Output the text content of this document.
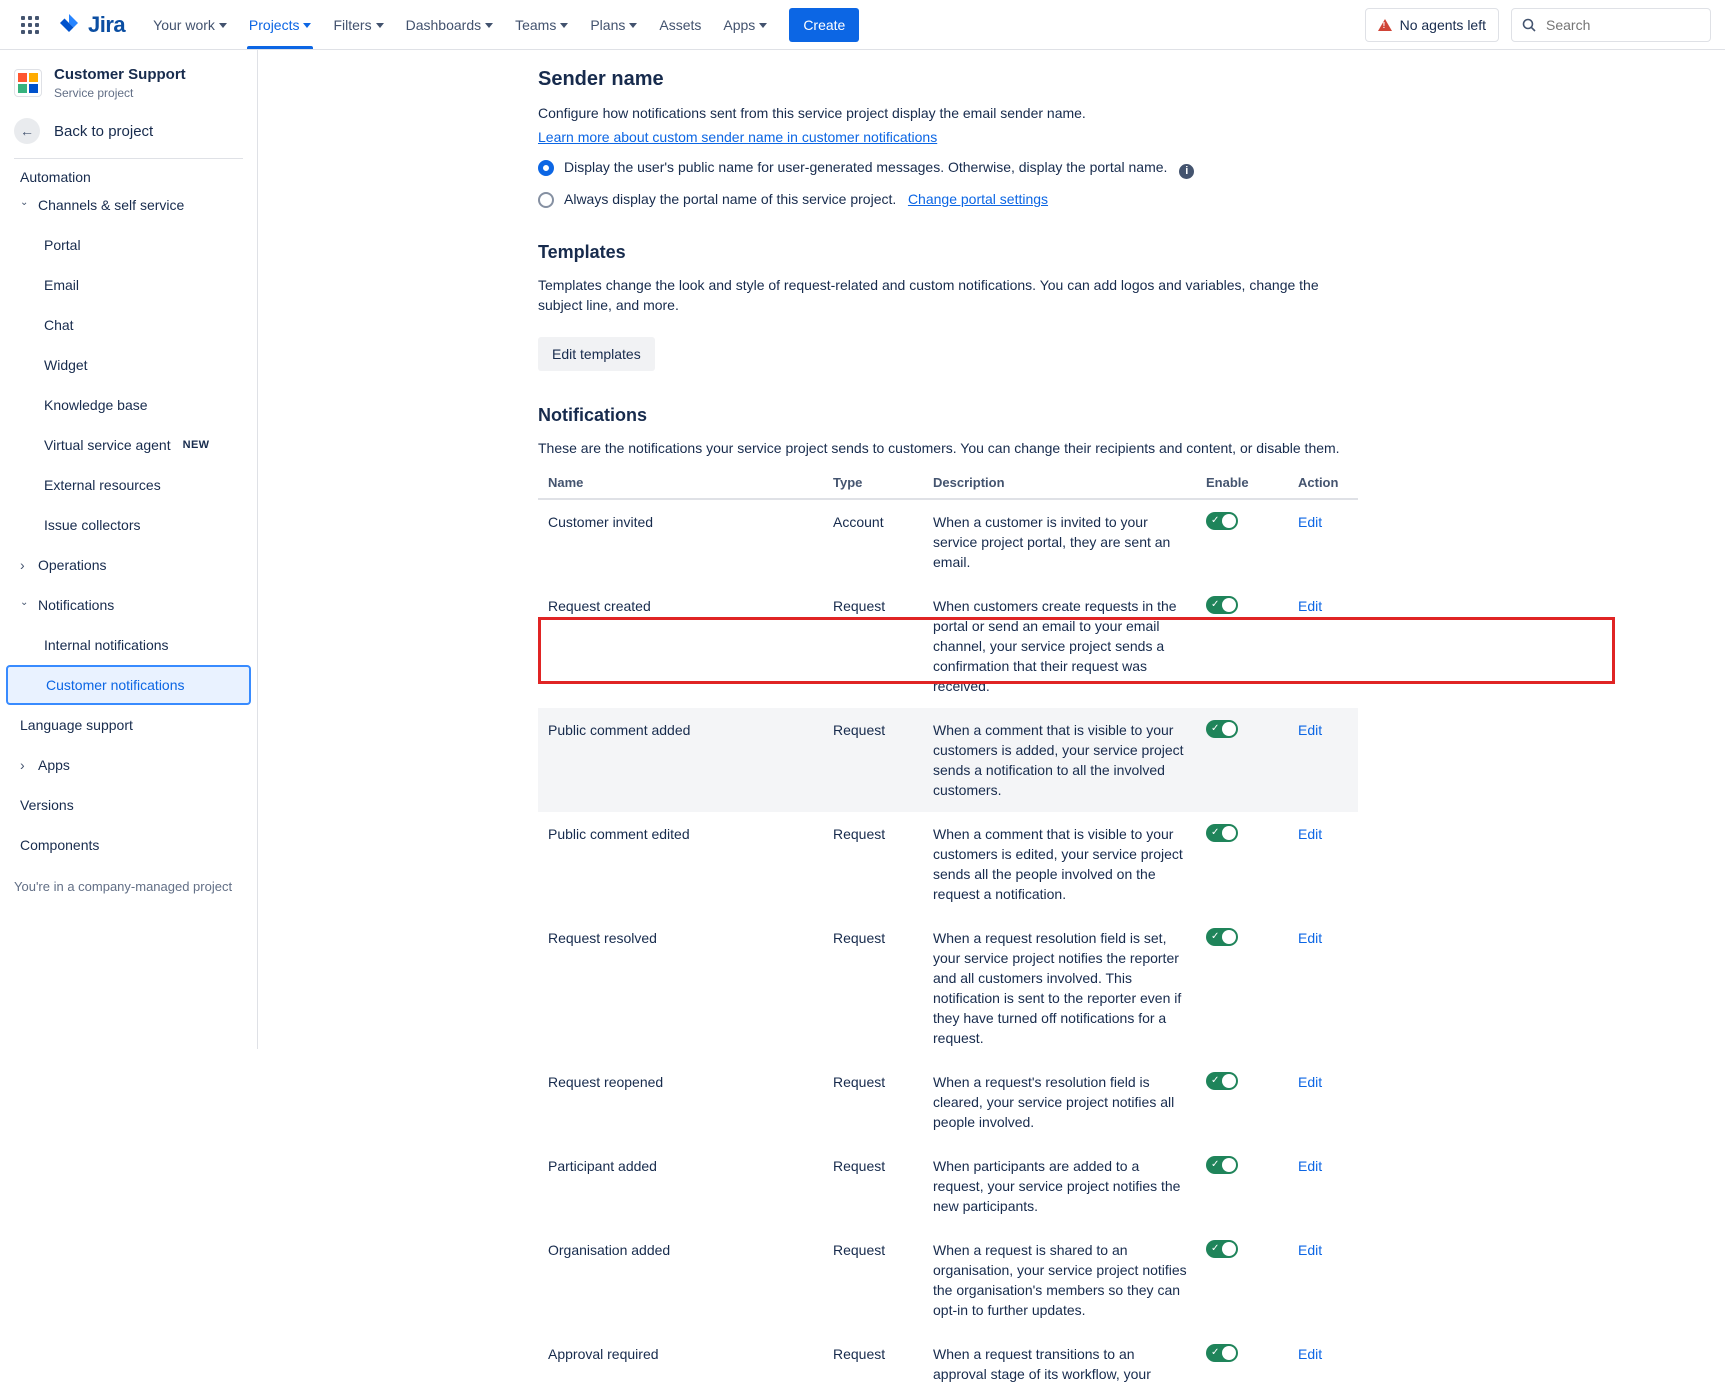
Jira Your work Projects Filters Dashboards Teams Plans Assets Apps	Create !	No agents left
Search
Customer Support
Service project
←	Back to project
Automation
⌄
Channels & self service
Portal
Email
Chat
Widget
Knowledge base
Virtual service agent NEW
External resources
Issue collectors
›
Operations
⌄
Notifications
Internal notifications
Customer notifications
Language support
›
Apps
Versions
Components
You're in a company-managed project
Sender name

Configure how notifications sent from this service project display the email sender name.

Learn more about custom sender name in customer notifications
Display the user's public name for user-generated messages. Otherwise, display the portal name. i
Always display the portal name of this service project. Change portal settings
Templates

Templates change the look and style of request-related and custom notifications. You can add logos and variables, change the subject line, and more.

Edit templates
Notifications

These are the notifications your service project sends to customers. You can change their recipients and content, or disable them.

Name	Type	Description	Enable	Action
Customer invited	Account	When a customer is invited to your service project portal, they are sent an email.	✓	Edit
Request created	Request	When customers create requests in the portal or send an email to your email channel, your service project sends a confirmation that their request was received.	✓	Edit
Public comment added	Request	When a comment that is visible to your customers is added, your service project sends a notification to all the involved customers.	✓	Edit
Public comment edited	Request	When a comment that is visible to your customers is edited, your service project sends all the people involved on the request a notification.	✓	Edit
Request resolved	Request	When a request resolution field is set, your service project notifies the reporter and all customers involved. This notification is sent to the reporter even if they have turned off notifications for a request.	✓	Edit
Request reopened	Request	When a request's resolution field is cleared, your service project notifies all people involved.	✓	Edit
Participant added	Request	When participants are added to a request, your service project notifies the new participants.	✓	Edit
Organisation added	Request	When a request is shared to an organisation, your service project notifies the organisation's members so they can opt-in to further updates.	✓	Edit
Approval required	Request	When a request transitions to an approval stage of its workflow, your	✓	Edit
